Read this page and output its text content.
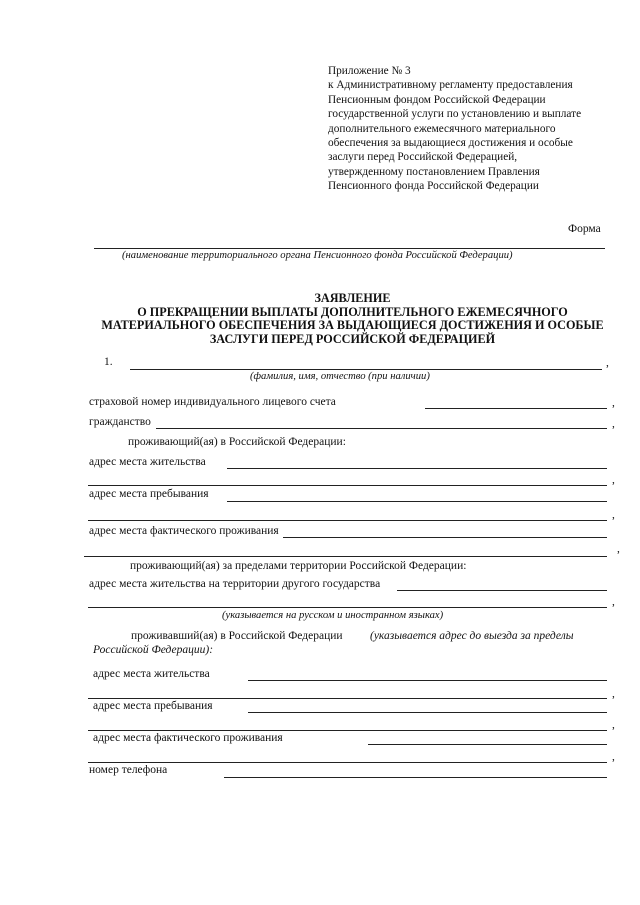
Приложение № 3
к Административному регламенту предоставления
Пенсионным фондом Российской Федерации
государственной услуги по установлению и выплате
дополнительного ежемесячного материального
обеспечения за выдающиеся достижения и особые
заслуги перед Российской Федерацией,
утвержденному постановлением Правления
Пенсионного фонда Российской Федерации
Форма
(наименование территориального органа Пенсионного фонда Российской Федерации)
ЗАЯВЛЕНИЕ
О ПРЕКРАЩЕНИИ ВЫПЛАТЫ ДОПОЛНИТЕЛЬНОГО ЕЖЕМЕСЯЧНОГО
МАТЕРИАЛЬНОГО ОБЕСПЕЧЕНИЯ ЗА ВЫДАЮЩИЕСЯ ДОСТИЖЕНИЯ И ОСОБЫЕ
ЗАСЛУГИ ПЕРЕД РОССИЙСКОЙ ФЕДЕРАЦИЕЙ
1.	,
(фамилия, имя, отчество (при наличии)
страховой номер индивидуального лицевого счета	,
гражданство	,
проживающий(ая) в Российской Федерации:
адрес места жительства
,
адрес места пребывания
,
адрес места фактического проживания
,
проживающий(ая) за пределами территории Российской Федерации:
адрес места жительства на территории другого государства
,
(указывается на русском и иностранном языках)
проживавший(ая) в Российской Федерации (указывается адрес до выезда за пределы
Российской Федерации):
адрес места жительства
,
адрес места пребывания
,
адрес места фактического проживания
,
номер телефона
